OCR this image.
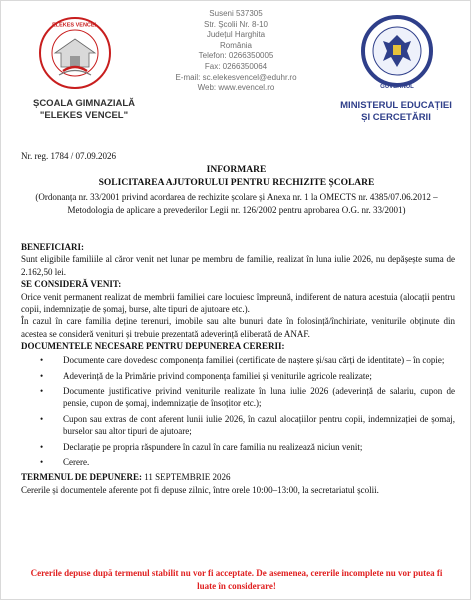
ELEKES VENCEL
ȘCOALA GIMNAZIALĂ
"ELEKES VENCEL"
Suseni 537305
Str. Școlii Nr. 8-10
Județul Harghita
România
Telefon: 0266350005
Fax: 0266350064
E-mail: sc.elekesvencel@eduhr.ro
Web: www.evencel.ro	GUVERNUL
MINISTERUL EDUCAȚIEI
ȘI CERCETĂRII
Nr. reg. 1784 / 07.09.2026
INFORMARE
SOLICITAREA AJUTORULUI PENTRU RECHIZITE ȘCOLARE
(Ordonanța nr. 33/2001 privind acordarea de rechizite școlare și Anexa nr. 1 la OMECTS nr. 4385/07.06.2012 – Metodologia de aplicare a prevederilor Legii nr. 126/2002 pentru aprobarea O.G. nr. 33/2001)

BENEFICIARI:

Sunt eligibile familiile al căror venit net lunar pe membru de familie, realizat în luna iulie 2026, nu depășește suma de 2.162,50 lei.

SE CONSIDERĂ VENIT:

Orice venit permanent realizat de membrii familiei care locuiesc împreună, indiferent de natura acestuia (alocații pentru copii, indemnizație de șomaj, burse, alte tipuri de ajutoare etc.).

În cazul în care familia deține terenuri, imobile sau alte bunuri date în folosință/închiriate, veniturile obținute din acestea se consideră venituri și trebuie prezentată adeverință eliberată de ANAF.

DOCUMENTELE NECESARE PENTRU DEPUNEREA CERERII:

• Documente care dovedesc componența familiei (certificate de naștere și/sau cărți de identitate) – în copie;
• Adeverință de la Primărie privind componența familiei și veniturile agricole realizate;
• Documente justificative privind veniturile realizate în luna iulie 2026 (adeverință de salariu, cupon de pensie, cupon de șomaj, indemnizație de însoțitor etc.);
• Cupon sau extras de cont aferent lunii iulie 2026, în cazul alocațiilor pentru copii, indemnizației de șomaj, burselor sau altor tipuri de ajutoare;
• Declarație pe propria răspundere în cazul în care familia nu realizează niciun venit;
• Cerere.

TERMENUL DE DEPUNERE: 11 SEPTEMBRIE 2026

Cererile și documentele aferente pot fi depuse zilnic, între orele 10:00–13:00, la secretariatul școlii.

Cererile depuse după termenul stabilit nu vor fi acceptate. De asemenea, cererile incomplete nu vor putea fi luate în considerare!
